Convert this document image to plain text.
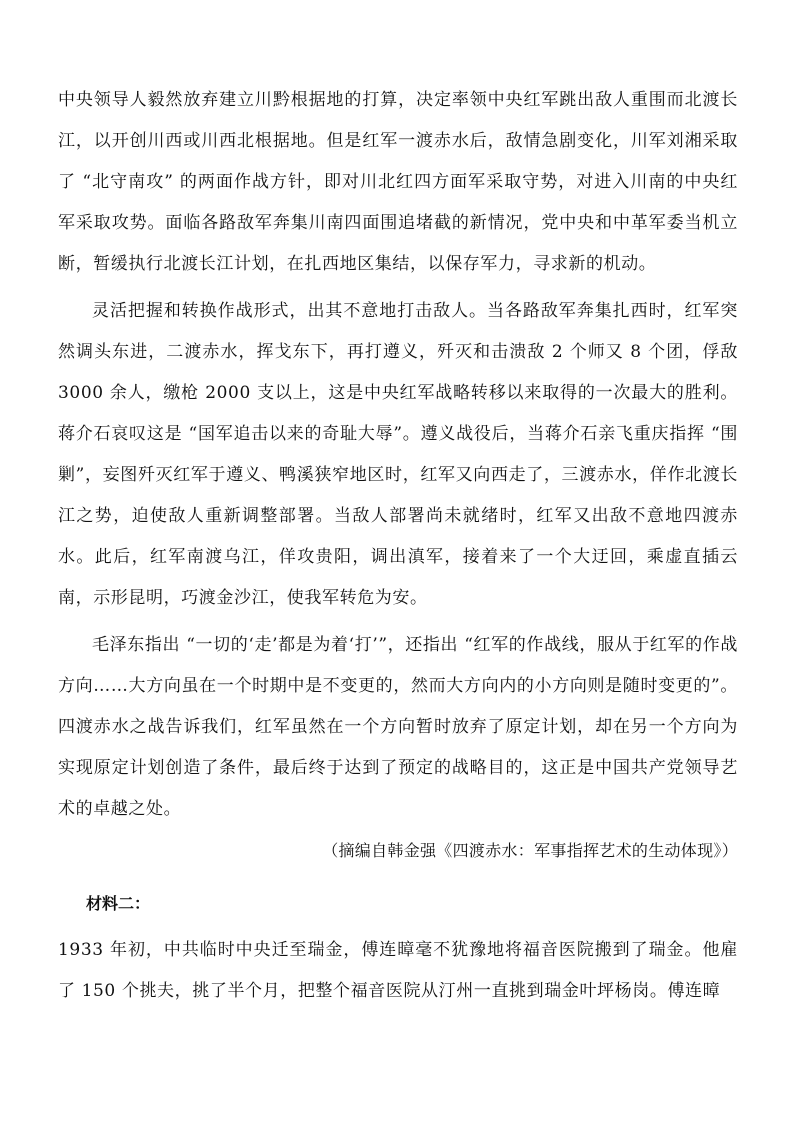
中央领导人毅然放弃建立川黔根据地的打算，决定率领中央红军跳出敌人重围而北渡长江，以开创川西或川西北根据地。但是红军一渡赤水后，敌情急剧变化，川军刘湘采取了 “北守南攻” 的两面作战方针，即对川北红四方面军采取守势，对进入川南的中央红军采取攻势。面临各路敌军奔集川南四面围追堵截的新情况，党中央和中革军委当机立断，暂缓执行北渡长江计划，在扎西地区集结，以保存军力，寻求新的机动。

灵活把握和转换作战形式，出其不意地打击敌人。当各路敌军奔集扎西时，红军突然调头东进，二渡赤水，挥戈东下，再打遵义，歼灭和击溃敌 2 个师又 8 个团，俘敌 3000 余人，缴枪 2000 支以上，这是中央红军战略转移以来取得的一次最大的胜利。蒋介石哀叹这是 “国军追击以来的奇耻大辱”。遵义战役后，当蒋介石亲飞重庆指挥 “围剿”，妄图歼灭红军于遵义、鸭溪狭窄地区时，红军又向西走了，三渡赤水，佯作北渡长江之势，迫使敌人重新调整部署。当敌人部署尚未就绪时，红军又出敌不意地四渡赤水。此后，红军南渡乌江，佯攻贵阳，调出滇军，接着来了一个大迂回，乘虚直插云南，示形昆明，巧渡金沙江，使我军转危为安。

毛泽东指出 “一切的‘走’都是为着‘打’”，还指出 “红军的作战线，服从于红军的作战方向……大方向虽在一个时期中是不变更的，然而大方向内的小方向则是随时变更的”。四渡赤水之战告诉我们，红军虽然在一个方向暂时放弃了原定计划，却在另一个方向为实现原定计划创造了条件，最后终于达到了预定的战略目的，这正是中国共产党领导艺术的卓越之处。

（摘编自韩金强《四渡赤水：军事指挥艺术的生动体现》）

材料二：

1933 年初，中共临时中央迁至瑞金，傅连暲毫不犹豫地将福音医院搬到了瑞金。他雇了 150 个挑夫，挑了半个月，把整个福音医院从汀州一直挑到瑞金叶坪杨岗。傅连暲
